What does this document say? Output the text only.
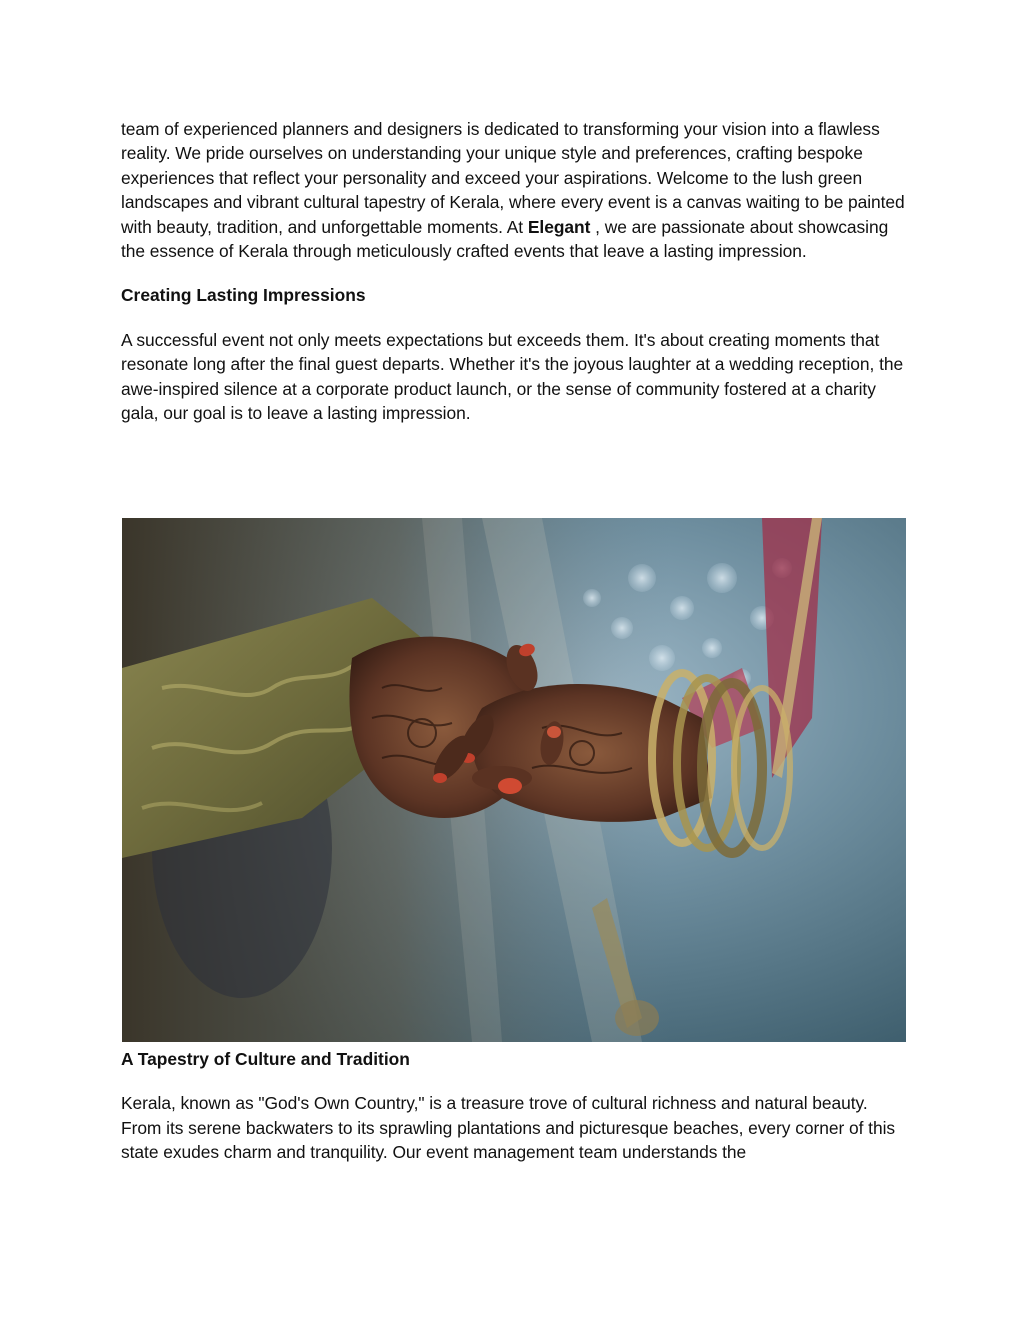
team of experienced planners and designers is dedicated to transforming your vision into a flawless reality. We pride ourselves on understanding your unique style and preferences, crafting bespoke experiences that reflect your personality and exceed your aspirations. Welcome to the lush green landscapes and vibrant cultural tapestry of Kerala, where every event is a canvas waiting to be painted with beauty, tradition, and unforgettable moments. At Elegant , we are passionate about showcasing the essence of Kerala through meticulously crafted events that leave a lasting impression.

Creating Lasting Impressions

A successful event not only meets expectations but exceeds them. It's about creating moments that resonate long after the final guest departs. Whether it's the joyous laughter at a wedding reception, the awe-inspired silence at a corporate product launch, or the sense of community fostered at a charity gala, our goal is to leave a lasting impression.

A Tapestry of Culture and Tradition

Kerala, known as "God's Own Country," is a treasure trove of cultural richness and natural beauty. From its serene backwaters to its sprawling plantations and picturesque beaches, every corner of this state exudes charm and tranquility. Our event management team understands the
